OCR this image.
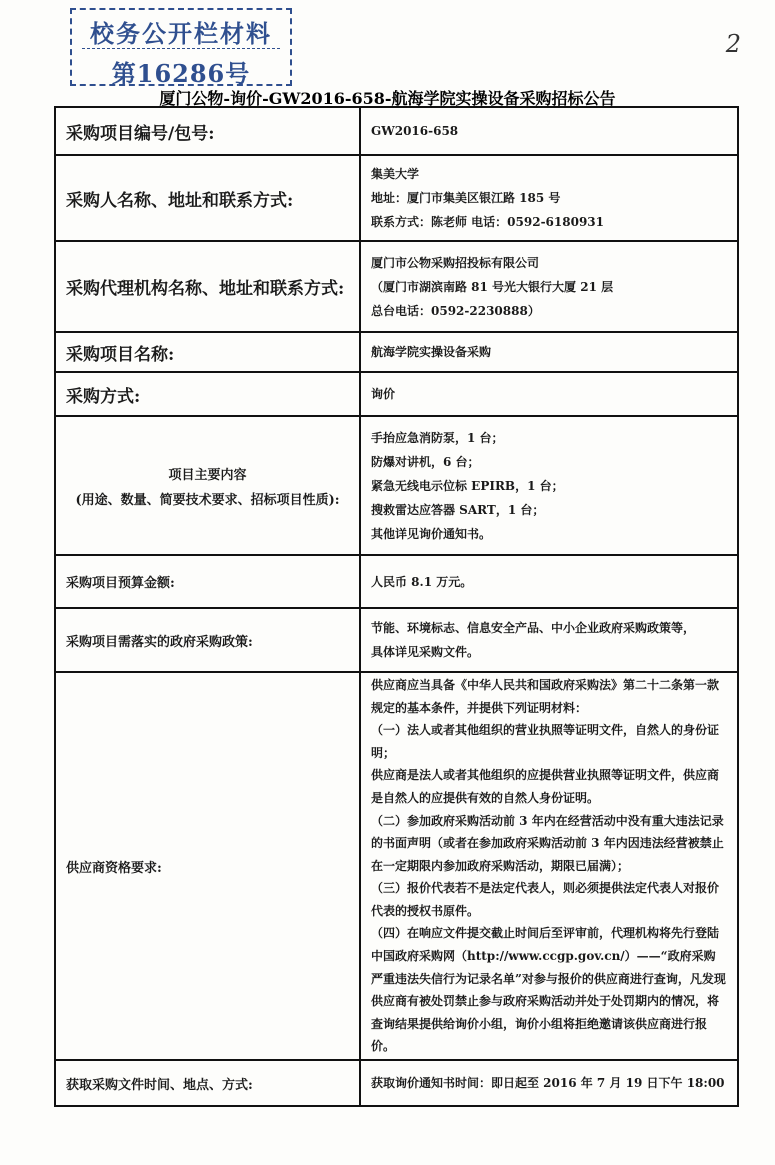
校务公开栏材料
第16286号
2
厦门公物-询价-GW2016-658-航海学院实操设备采购招标公告
采购项目编号/包号:	GW2016-658
采购人名称、地址和联系方式:
集美大学
地址：厦门市集美区银江路 185 号
联系方式：陈老师 电话：0592-6180931
采购代理机构名称、地址和联系方式:
厦门市公物采购招投标有限公司
（厦门市湖滨南路 81 号光大银行大厦 21 层
总台电话：0592-2230888）
采购项目名称:	航海学院实操设备采购
采购方式:	询价
项目主要内容
(用途、数量、简要技术要求、招标项目性质):
手抬应急消防泵，1 台；
防爆对讲机，6 台；
紧急无线电示位标 EPIRB，1 台；
搜救雷达应答器 SART，1 台；
其他详见询价通知书。
采购项目预算金额:	人民币 8.1 万元。
采购项目需落实的政府采购政策:
节能、环境标志、信息安全产品、中小企业政府采购政策等，
具体详见采购文件。
供应商资格要求:
供应商应当具备《中华人民共和国政府采购法》第二十二条第一款规定的基本条件，并提供下列证明材料：
（一）法人或者其他组织的营业执照等证明文件，自然人的身份证明；
供应商是法人或者其他组织的应提供营业执照等证明文件，供应商是自然人的应提供有效的自然人身份证明。
（二）参加政府采购活动前 3 年内在经营活动中没有重大违法记录的书面声明（或者在参加政府采购活动前 3 年内因违法经营被禁止在一定期限内参加政府采购活动，期限已届满）；
（三）报价代表若不是法定代表人，则必须提供法定代表人对报价代表的授权书原件。
（四）在响应文件提交截止时间后至评审前，代理机构将先行登陆中国政府采购网（http://www.ccgp.gov.cn/）——“政府采购严重违法失信行为记录名单”对参与报价的供应商进行查询，凡发现供应商有被处罚禁止参与政府采购活动并处于处罚期内的情况，将查询结果提供给询价小组，询价小组将拒绝邀请该供应商进行报价。
获取采购文件时间、地点、方式:	获取询价通知书时间：即日起至 2016 年 7 月 19 日下午 18:00
